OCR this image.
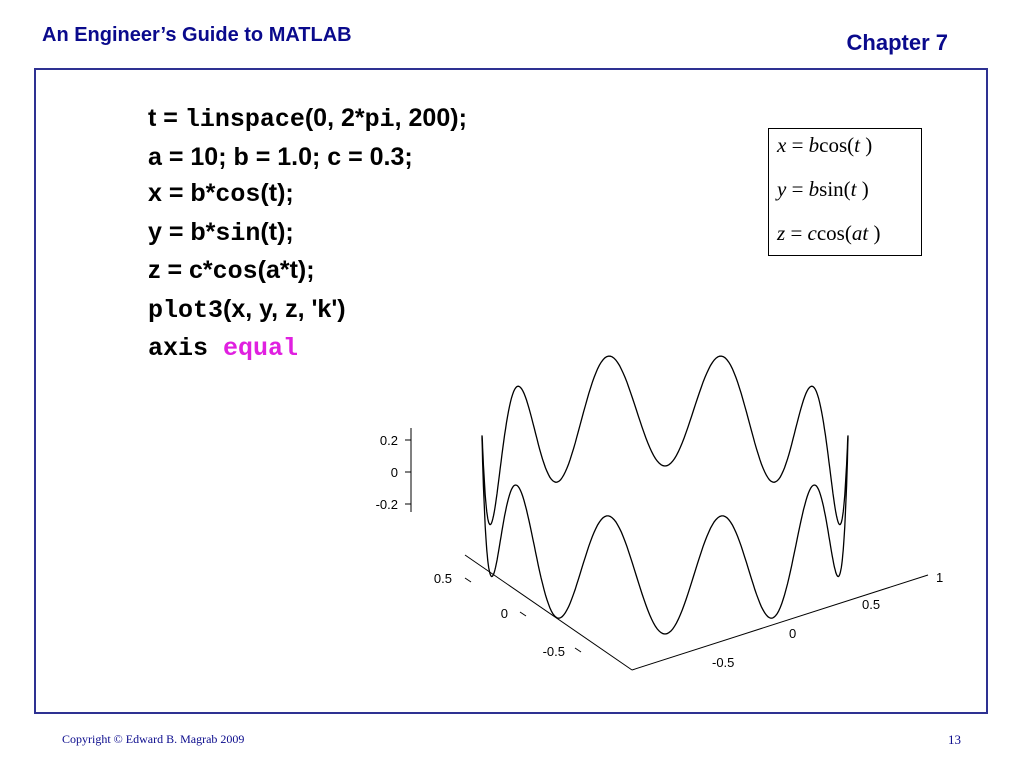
An Engineer’s Guide to MATLAB	Chapter 7
t = linspace(0, 2*pi, 200);
a = 10; b = 1.0; c = 0.3;
x = b*cos(t);
y = b*sin(t);
z = c*cos(a*t);
plot3(x, y, z, 'k')
axis equal
x = bcos(t )
y = bsin(t )
z = ccos(at )
0.2
0
-0.2
0.5
0
-0.5
1
0.5
0
-0.5
Copyright © Edward B. Magrab 2009	13
